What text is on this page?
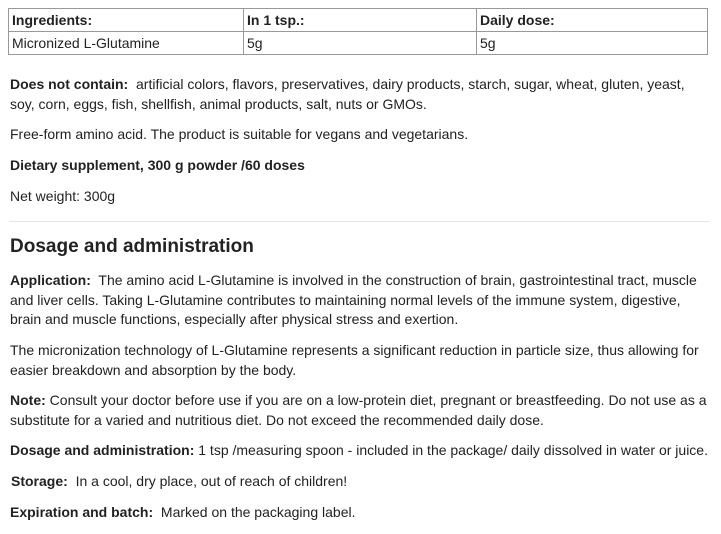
Ingredients:	In 1 tsp.:	Daily dose:
Micronized L-Glutamine	5g	5g

Does not contain: artificial colors, flavors, preservatives, dairy products, starch, sugar, wheat, gluten, yeast, soy, corn, eggs, fish, shellfish, animal products, salt, nuts or GMOs.

Free-form amino acid. The product is suitable for vegans and vegetarians.

Dietary supplement, 300 g powder /60 doses

Net weight: 300g

Dosage and administration

Application: The amino acid L-Glutamine is involved in the construction of brain, gastrointestinal tract, muscle and liver cells. Taking L-Glutamine contributes to maintaining normal levels of the immune system, digestive, brain and muscle functions, especially after physical stress and exertion.

The micronization technology of L-Glutamine represents a significant reduction in particle size, thus allowing for easier breakdown and absorption by the body.

Note: Consult your doctor before use if you are on a low-protein diet, pregnant or breastfeeding. Do not use as a substitute for a varied and nutritious diet. Do not exceed the recommended daily dose.

Dosage and administration: 1 tsp /measuring spoon - included in the package/ daily dissolved in water or juice.

Storage: In a cool, dry place, out of reach of children!

Expiration and batch: Marked on the packaging label.
